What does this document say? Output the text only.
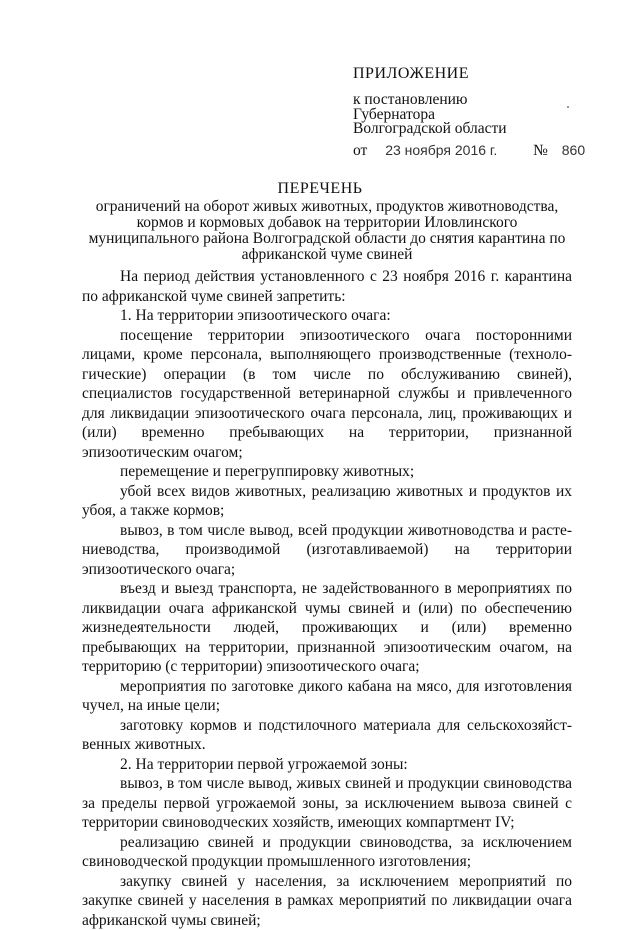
ПРИЛОЖЕНИЕ
к постановлению
Губернатора
Волгоградской области
от 23 ноября 2016 г. № 860
ПЕРЕЧЕНЬ
ограничений на оборот живых животных, продуктов животноводства, кормов и кормовых добавок на территории Иловлинского муниципального района Волгоградской области до снятия карантина по африканской чуме свиней

На период действия установленного с 23 ноября 2016 г. карантина по африканской чуме свиней запретить:

1. На территории эпизоотического очага:

посещение территории эпизоотического очага посторонними лицами, кроме персонала, выполняющего производственные (техноло-гические) операции (в том числе по обслуживанию свиней), специалистов государственной ветеринарной службы и привлеченного для ликвидации эпизоотического очага персонала, лиц, проживающих и (или) временно пребывающих на территории, признанной эпизоотическим очагом;

перемещение и перегруппировку животных;

убой всех видов животных, реализацию животных и продуктов их убоя, а также кормов;

вывоз, в том числе вывод, всей продукции животноводства и расте-ниеводства, производимой (изготавливаемой) на территории эпизоотического очага;

въезд и выезд транспорта, не задействованного в мероприятиях по ликвидации очага африканской чумы свиней и (или) по обеспечению жизнедеятельности людей, проживающих и (или) временно пребывающих на территории, признанной эпизоотическим очагом, на территорию (с территории) эпизоотического очага;

мероприятия по заготовке дикого кабана на мясо, для изготовления чучел, на иные цели;

заготовку кормов и подстилочного материала для сельскохозяйст-венных животных.

2. На территории первой угрожаемой зоны:

вывоз, в том числе вывод, живых свиней и продукции свиноводства за пределы первой угрожаемой зоны, за исключением вывоза свиней с территории свиноводческих хозяйств, имеющих компартмент IV;

реализацию свиней и продукции свиноводства, за исключением свиноводческой продукции промышленного изготовления;

закупку свиней у населения, за исключением мероприятий по закупке свиней у населения в рамках мероприятий по ликвидации очага африканской чумы свиней;
